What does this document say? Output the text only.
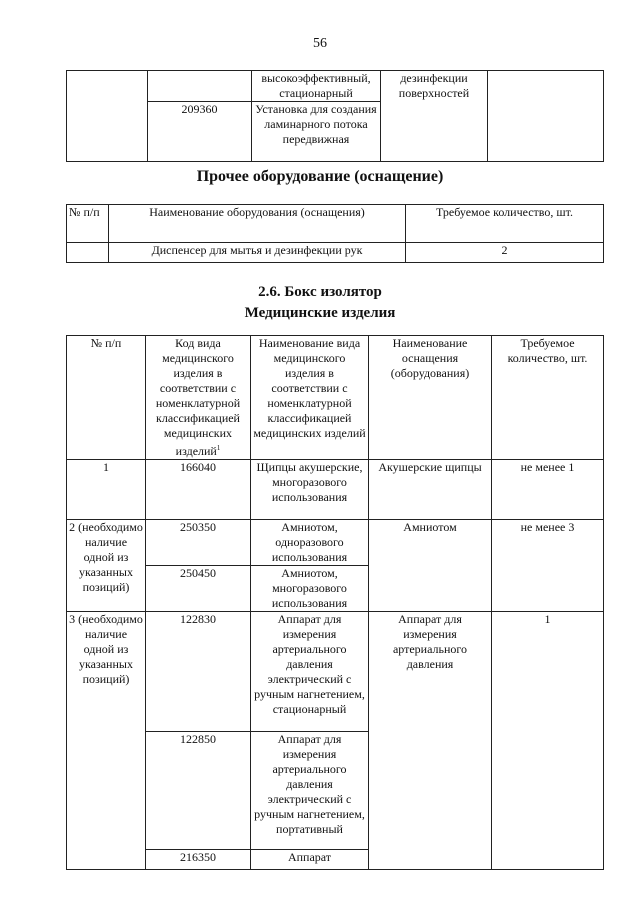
56
		высокоэффективный, стационарный	дезинфекции поверхностей	
	209360	Установка для создания ламинарного потока передвижная		
Прочее оборудование (оснащение)
№ п/п	Наименование оборудования (оснащения)	Требуемое количество, шт.
	Диспенсер для мытья и дезинфекции рук	2
2.6. Бокс изолятор
Медицинские изделия
№ п/п	Код вида медицинского изделия в соответствии с номенклатурной классификацией медицинских изделий$^1$	Наименование вида медицинского изделия в соответствии с номенклатурной классификацией медицинских изделий	Наименование оснащения (оборудования)	Требуемое количество, шт.
1	166040	Щипцы акушерские, многоразового использования	Акушерские щипцы	не менее 1
2 (необходимо наличие одной из указанных позиций)	250350	Амниотом, одноразового использования	Амниотом	не менее 3
	250450	Амниотом, многоразового использования		
3 (необходимо наличие одной из указанных позиций)	122830	Аппарат для измерения артериального давления электрический с ручным нагнетением, стационарный	Аппарат для измерения артериального давления	1
	122850	Аппарат для измерения артериального давления электрический с ручным нагнетением, портативный		
	216350	Аппарат		
